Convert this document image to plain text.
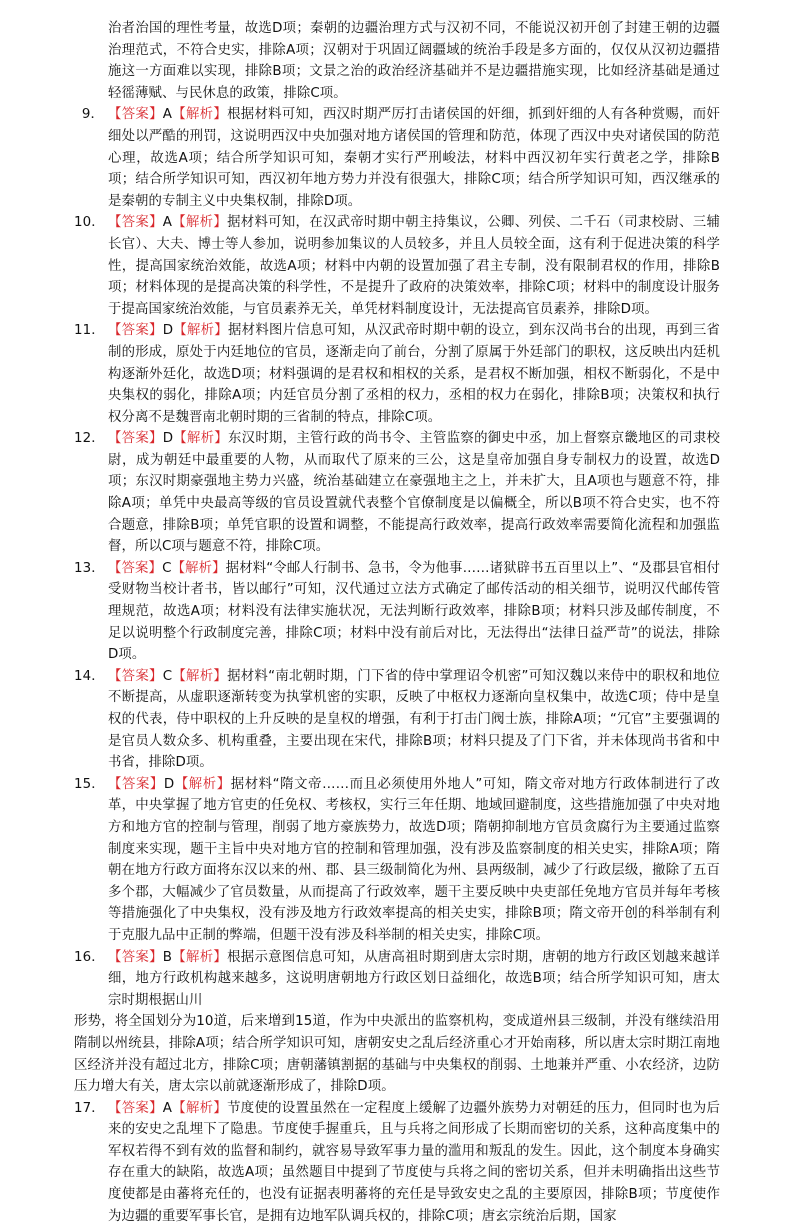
治者治国的理性考量，故选D项；秦朝的边疆治理方式与汉初不同，不能说汉初开创了封建王朝的边疆治理范式，不符合史实，排除A项；汉朝对于巩固辽阔疆域的统治手段是多方面的，仅仅从汉初边疆措施这一方面难以实现，排除B项；文景之治的政治经济基础并不是边疆措施实现，比如经济基础是通过轻徭薄赋、与民休息的政策，排除C项。

9． 【答案】A【解析】根据材料可知，西汉时期严厉打击诸侯国的奸细，抓到奸细的人有各种赏赐，而奸细处以严酷的刑罚，这说明西汉中央加强对地方诸侯国的管理和防范，体现了西汉中央对诸侯国的防范心理，故选A项；结合所学知识可知，秦朝才实行严刑峻法，材料中西汉初年实行黄老之学，排除B项；结合所学知识可知，西汉初年地方势力并没有很强大，排除C项；结合所学知识可知，西汉继承的是秦朝的专制主义中央集权制，排除D项。

10． 【答案】A【解析】据材料可知，在汉武帝时期中朝主持集议，公卿、列侯、二千石（司隶校尉、三辅长官）、大夫、博士等人参加，说明参加集议的人员较多，并且人员较全面，这有利于促进决策的科学性，提高国家统治效能，故选A项；材料中内朝的设置加强了君主专制，没有限制君权的作用，排除B项；材料体现的是提高决策的科学性，不是提升了政府的决策效率，排除C项；材料中的制度设计服务于提高国家统治效能，与官员素养无关，单凭材料制度设计，无法提高官员素养，排除D项。

11． 【答案】D【解析】据材料图片信息可知，从汉武帝时期中朝的设立，到东汉尚书台的出现，再到三省制的形成，原处于内廷地位的官员，逐渐走向了前台，分割了原属于外廷部门的职权，这反映出内廷机构逐渐外廷化，故选D项；材料强调的是君权和相权的关系，是君权不断加强，相权不断弱化，不是中央集权的弱化，排除A项；内廷官员分割了丞相的权力，丞相的权力在弱化，排除B项；决策权和执行权分离不是魏晋南北朝时期的三省制的特点，排除C项。

12． 【答案】D【解析】东汉时期，主管行政的尚书令、主管监察的御史中丞，加上督察京畿地区的司隶校尉，成为朝廷中最重要的人物，从而取代了原来的三公，这是皇帝加强自身专制权力的设置，故选D项；东汉时期豪强地主势力兴盛，统治基础建立在豪强地主之上，并未扩大，且A项也与题意不符，排除A项；单凭中央最高等级的官员设置就代表整个官僚制度是以偏概全，所以B项不符合史实，也不符合题意，排除B项；单凭官职的设置和调整，不能提高行政效率，提高行政效率需要简化流程和加强监督，所以C项与题意不符，排除C项。

13． 【答案】C【解析】据材料“令邮人行制书、急书，令为他事……诸狱辟书五百里以上”、“及郡县官相付受财物当校计者书，皆以邮行”可知，汉代通过立法方式确定了邮传活动的相关细节，说明汉代邮传管理规范，故选A项；材料没有法律实施状况，无法判断行政效率，排除B项；材料只涉及邮传制度，不足以说明整个行政制度完善，排除C项；材料中没有前后对比，无法得出“法律日益严苛”的说法，排除D项。

14． 【答案】C【解析】据材料“南北朝时期，门下省的侍中掌理诏令机密”可知汉魏以来侍中的职权和地位不断提高，从虚职逐渐转变为执掌机密的实职，反映了中枢权力逐渐向皇权集中，故选C项；侍中是皇权的代表，侍中职权的上升反映的是皇权的增强，有利于打击门阀士族，排除A项；“冗官”主要强调的是官员人数众多、机构重叠，主要出现在宋代，排除B项；材料只提及了门下省，并未体现尚书省和中书省，排除D项。

15． 【答案】D【解析】据材料“隋文帝……而且必须使用外地人”可知，隋文帝对地方行政体制进行了改革，中央掌握了地方官吏的任免权、考核权，实行三年任期、地域回避制度，这些措施加强了中央对地方和地方官的控制与管理，削弱了地方豪族势力，故选D项；隋朝抑制地方官员贪腐行为主要通过监察制度来实现，题干主旨中央对地方官的控制和管理加强，没有涉及监察制度的相关史实，排除A项；隋朝在地方行政方面将东汉以来的州、郡、县三级制简化为州、县两级制，减少了行政层级，撤除了五百多个郡，大幅减少了官员数量，从而提高了行政效率，题干主要反映中央吏部任免地方官员并每年考核等措施强化了中央集权，没有涉及地方行政效率提高的相关史实，排除B项；隋文帝开创的科举制有利于克服九品中正制的弊端，但题干没有涉及科举制的相关史实，排除C项。

16． 【答案】B【解析】根据示意图信息可知，从唐高祖时期到唐太宗时期，唐朝的地方行政区划越来越详细，地方行政机构越来越多，这说明唐朝地方行政区划日益细化，故选B项；结合所学知识可知，唐太宗时期根据山川

形势，将全国划分为10道，后来增到15道，作为中央派出的监察机构，变成道州县三级制，并没有继续沿用隋制以州统县，排除A项；结合所学知识可知，唐朝安史之乱后经济重心才开始南移，所以唐太宗时期江南地区经济并没有超过北方，排除C项；唐朝藩镇割据的基础与中央集权的削弱、土地兼并严重、小农经济，边防压力增大有关，唐太宗以前就逐渐形成了，排除D项。

17． 【答案】A【解析】节度使的设置虽然在一定程度上缓解了边疆外族势力对朝廷的压力，但同时也为后来的安史之乱埋下了隐患。节度使手握重兵，且与兵将之间形成了长期而密切的关系，这种高度集中的军权若得不到有效的监督和制约，就容易导致军事力量的滥用和叛乱的发生。因此，这个制度本身确实存在重大的缺陷，故选A项；虽然题目中提到了节度使与兵将之间的密切关系，但并未明确指出这些节度使都是由蕃将充任的，也没有证据表明蕃将的充任是导致安史之乱的主要原因，排除B项；节度使作为边疆的重要军事长官，是拥有边地军队调兵权的，排除C项；唐玄宗统治后期，国家
